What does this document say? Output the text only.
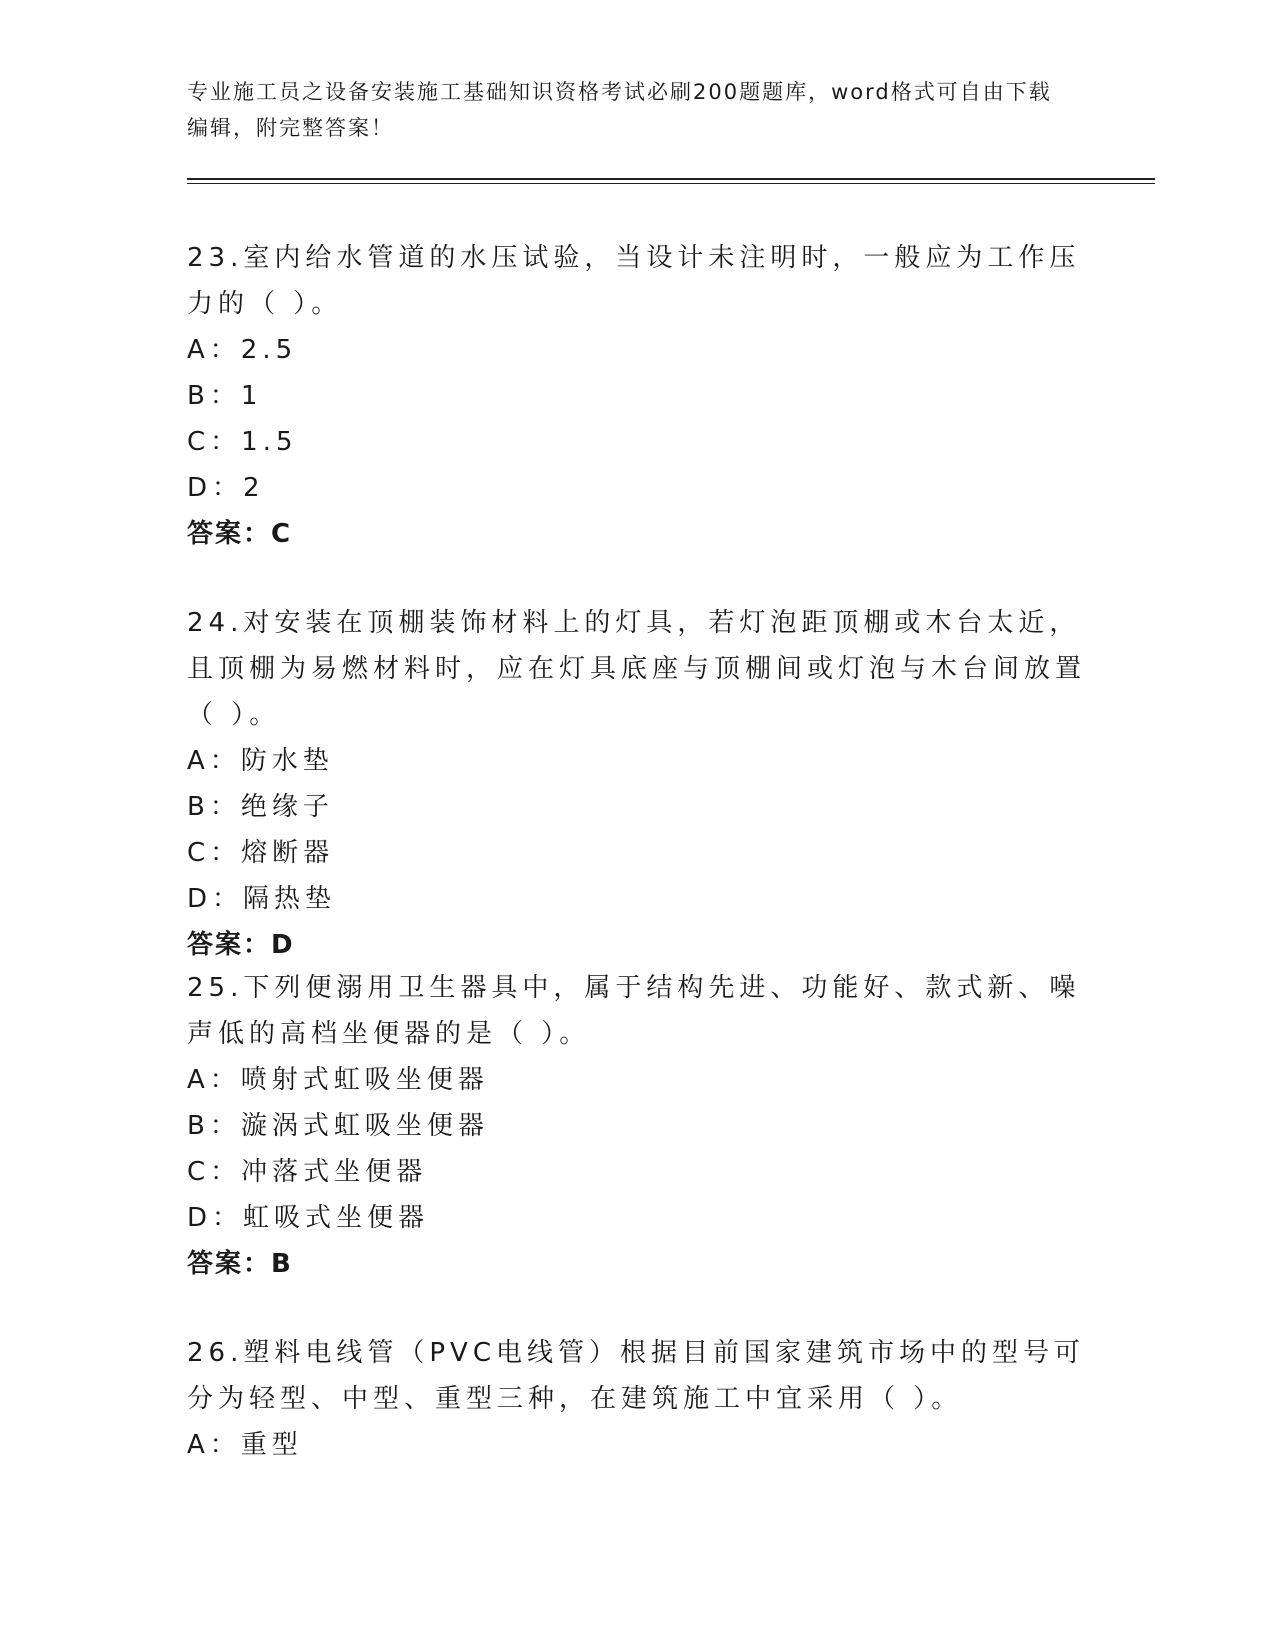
专业施工员之设备安装施工基础知识资格考试必刷200题题库，word格式可自由下载编辑，附完整答案！
23.室内给水管道的水压试验，当设计未注明时，一般应为工作压力的（ ）。
A：2.5
B：1
C：1.5
D：2
答案：C
24.对安装在顶棚装饰材料上的灯具，若灯泡距顶棚或木台太近，且顶棚为易燃材料时，应在灯具底座与顶棚间或灯泡与木台间放置（ ）。
A：防水垫
B：绝缘子
C：熔断器
D：隔热垫
答案：D
25.下列便溺用卫生器具中，属于结构先进、功能好、款式新、噪声低的高档坐便器的是（ ）。
A：喷射式虹吸坐便器
B：漩涡式虹吸坐便器
C：冲落式坐便器
D：虹吸式坐便器
答案：B
26.塑料电线管（PVC电线管）根据目前国家建筑市场中的型号可分为轻型、中型、重型三种，在建筑施工中宜采用（ ）。
A：重型
